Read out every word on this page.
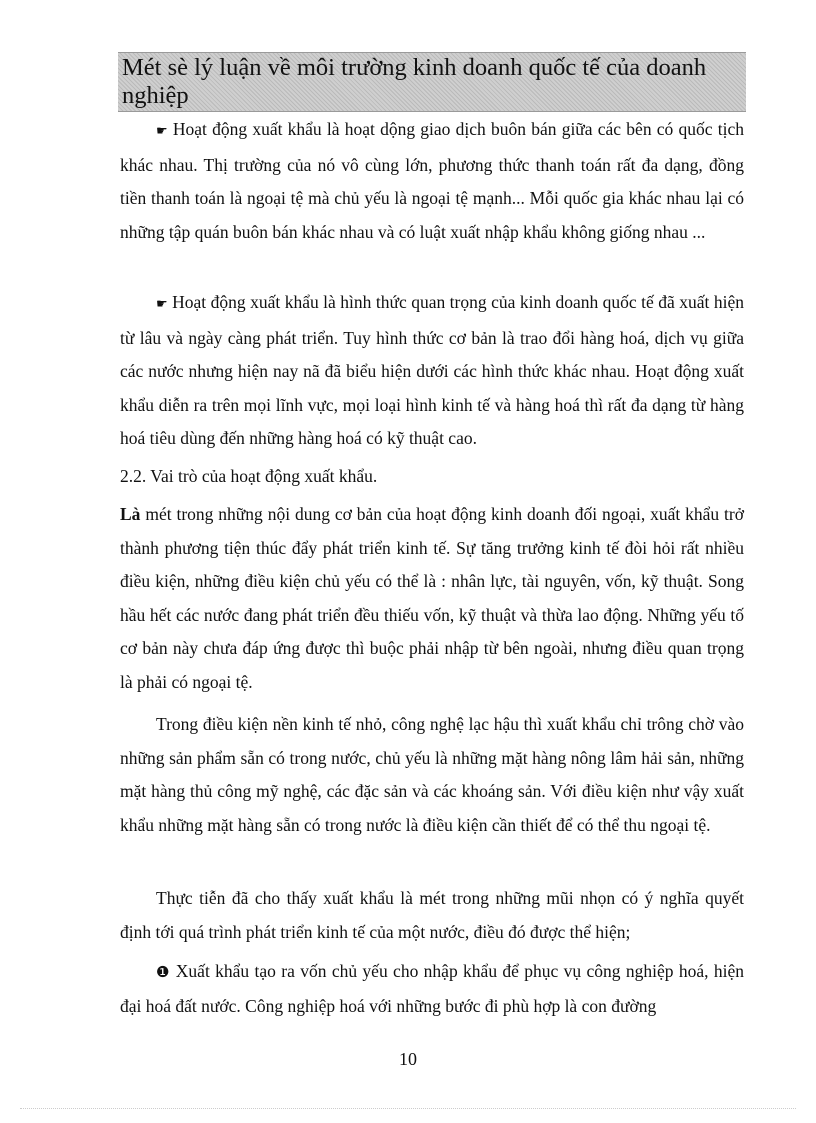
Mét sè lý luận về môi trường kinh doanh quốc tế của doanh nghiệp

☛ Hoạt động xuất khẩu là hoạt dộng giao dịch buôn bán giữa các bên có quốc tịch khác nhau. Thị trường của nó vô cùng lớn, phương thức thanh toán rất đa dạng, đồng tiền thanh toán là ngoại tệ mà chủ yếu là ngoại tệ mạnh... Mỗi quốc gia khác nhau lại có những tập quán buôn bán khác nhau và có luật xuất nhập khẩu không giống nhau ...

☛ Hoạt động xuất khẩu là hình thức quan trọng của kinh doanh quốc tế đã xuất hiện từ lâu và ngày càng phát triển. Tuy hình thức cơ bản là trao đổi hàng hoá, dịch vụ giữa các nước nhưng hiện nay nã đã biểu hiện dưới các hình thức khác nhau. Hoạt động xuất khẩu diễn ra trên mọi lĩnh vực, mọi loại hình kinh tế và hàng hoá thì rất đa dạng từ hàng hoá tiêu dùng đến những hàng hoá có kỹ thuật cao.

2.2. Vai trò của hoạt động xuất khẩu.

Là mét trong những nội dung cơ bản của hoạt động kinh doanh đối ngoại, xuất khẩu trở thành phương tiện thúc đẩy phát triển kinh tế. Sự tăng trưởng kinh tế đòi hỏi rất nhiều điều kiện, những điều kiện chủ yếu có thể là : nhân lực, tài nguyên, vốn, kỹ thuật. Song hầu hết các nước đang phát triển đều thiếu vốn, kỹ thuật và thừa lao động. Những yếu tố cơ bản này chưa đáp ứng được thì buộc phải nhập từ bên ngoài, nhưng điều quan trọng là phải có ngoại tệ.

Trong điều kiện nền kinh tế nhỏ, công nghệ lạc hậu thì xuất khẩu chỉ trông chờ vào những sản phẩm sẵn có trong nước, chủ yếu là những mặt hàng nông lâm hải sản, những mặt hàng thủ công mỹ nghệ, các đặc sản và các khoáng sản. Với điều kiện như vậy xuất khẩu những mặt hàng sẵn có trong nước là điều kiện cần thiết để có thể thu ngoại tệ.

Thực tiễn đã cho thấy xuất khẩu là mét trong những mũi nhọn có ý nghĩa quyết định tới quá trình phát triển kinh tế của một nước, điều đó được thể hiện;

❶ Xuất khẩu tạo ra vốn chủ yếu cho nhập khẩu để phục vụ công nghiệp hoá, hiện đại hoá đất nước. Công nghiệp hoá với những bước đi phù hợp là con đường

10
